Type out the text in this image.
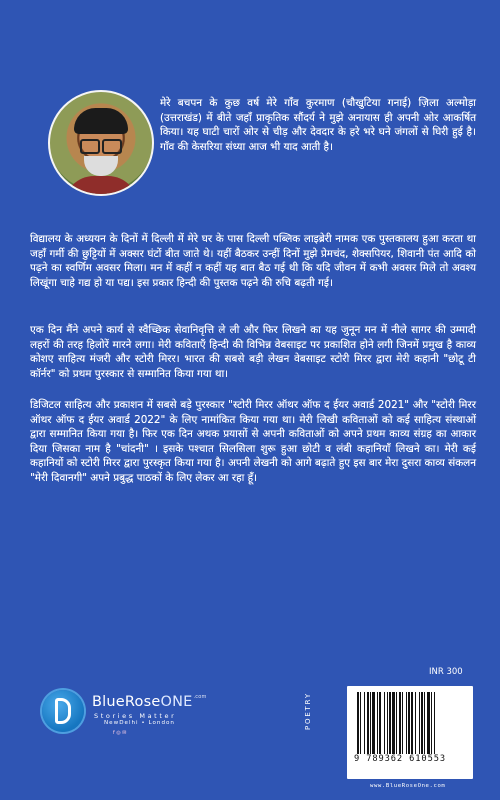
मेरे बचपन के कुछ वर्ष मेरे गाँव कुरमाण (चौखुटिया गनाई) ज़िला अल्मोड़ा (उत्तराखंड) में बीते जहाँ प्राकृतिक सौंदर्य ने मुझे अनायास ही अपनी ओर आकर्षित किया। यह घाटी चारों ओर से चीड़ और देवदार के हरे भरे घने जंगलों से घिरी हुई है। गाँव की केसरिया संध्या आज भी याद आती है।

विद्यालय के अध्ययन के दिनों में दिल्ली में मेरे घर के पास दिल्ली पब्लिक लाइब्रेरी नामक एक पुस्तकालय हुआ करता था जहाँ गर्मी की छुट्टियों में अक्सर घंटों बीत जाते थे। यहीं बैठकर उन्हीं दिनों मुझे प्रेमचंद, शेक्सपियर, शिवानी पंत आदि को पढ़ने का स्वर्णिम अवसर मिला। मन में कहीं न कहीं यह बात बैठ गई थी कि यदि जीवन में कभी अवसर मिले तो अवश्य लिखूंगा चाहे गद्य हो या पद्य। इस प्रकार हिन्दी की पुस्तक पढ़ने की रुचि बढ़ती गई।

एक दिन मैंने अपने कार्य से स्वैच्छिक सेवानिवृत्ति ले ली और फिर लिखने का यह जुनून मन में नीले सागर की उम्मादी लहरों की तरह हिलोरें मारने लगा। मेरी कविताएँ हिन्दी की विभिन्न वेबसाइट पर प्रकाशित होने लगी जिनमें प्रमुख है काव्य कोशए साहित्य मंजरी और स्टोरी मिरर। भारत की सबसे बड़ी लेखन वेबसाइट स्टोरी मिरर द्वारा मेरी कहानी "छोटू टी कॉर्नर" को प्रथम पुरस्कार से सम्मानित किया गया था।

डिजिटल साहित्य और प्रकाशन में सबसे बड़े पुरस्कार "स्टोरी मिरर ऑथर ऑफ द ईयर अवार्ड 2021" और "स्टोरी मिरर ऑथर ऑफ द ईयर अवार्ड 2022" के लिए नामांकित किया गया था। मेरी लिखी कविताओं को कई साहित्य संस्थाओं द्वारा सम्मानित किया गया है। फिर एक दिन अथक प्रयासों से अपनी कविताओं को अपने प्रथम काव्य संग्रह का आकार दिया जिसका नाम है "चांदनी" । इसके पश्चात सिलसिला शुरू हुआ छोटी व लंबी कहानियाँ लिखने का। मेरी कई कहानियों को स्टोरी मिरर द्वारा पुरस्कृत किया गया है। अपनी लेखनी को आगे बढ़ाते हुए इस बार मेरा दुसरा काव्य संकलन "मेरी दिवानगी" अपने प्रबुद्ध पाठकों के लिए लेकर आ रहा हूँ।

BlueRoseONE$^{.com}$
Stories Matter
NewDelhi • London
f ◎ ✉
INR 300
POETRY
9 789362 610553
www.BlueRoseOne.com
